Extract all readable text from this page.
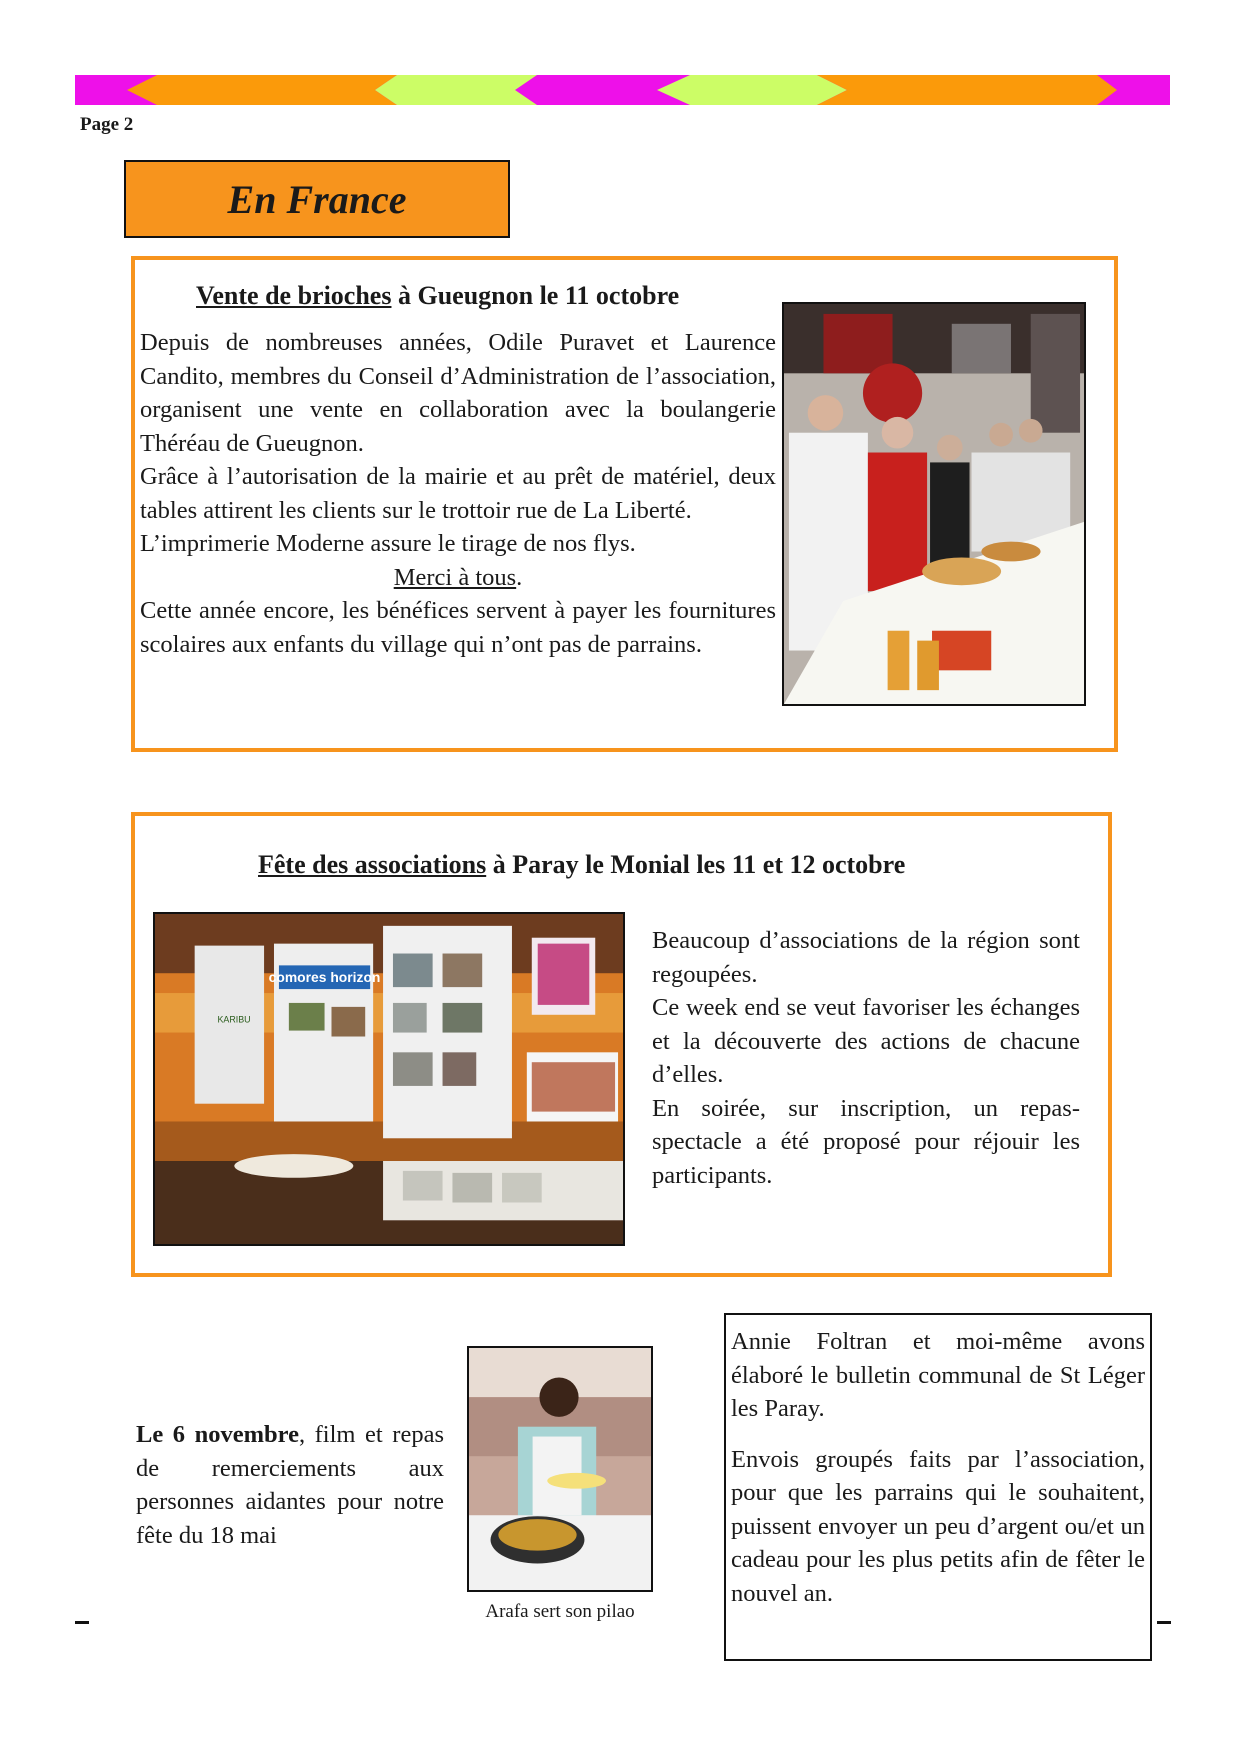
Page 2
En France
Vente de brioches à Gueugnon le 11 octobre

Depuis de nombreuses années, Odile Puravet et Laurence Candito, membres du Conseil d’Administration de l’association, organisent une vente en collaboration avec la boulangerie Théréau de Gueugnon.

Grâce à l’autorisation de la mairie et au prêt de matériel, deux tables attirent les clients sur le trottoir rue de La Liberté.

L’imprimerie Moderne assure le tirage de nos flys.

Merci à tous.

Cette année encore, les bénéfices servent à payer les fournitures scolaires aux enfants du village qui n’ont pas de parrains.

Fête des associations à Paray le Monial les 11 et 12 octobre
comores horizon
KARIBU

Beaucoup d’associations de la région sont regoupées.

Ce week end se veut favoriser les échanges et la découverte des actions de chacune d’elles.

En soirée, sur inscription, un repas-spectacle a été proposé pour réjouir les participants.

Le 6 novembre, film et repas de remerciements aux personnes aidantes pour notre fête du 18 mai

Arafa sert son pilao

Annie Foltran et moi-même avons élaboré le bulletin communal de St Léger les Paray.

Envois groupés faits par l’association, pour que les parrains qui le souhaitent, puissent envoyer un peu d’argent ou/et un cadeau pour les plus petits afin de fêter le nouvel an.
